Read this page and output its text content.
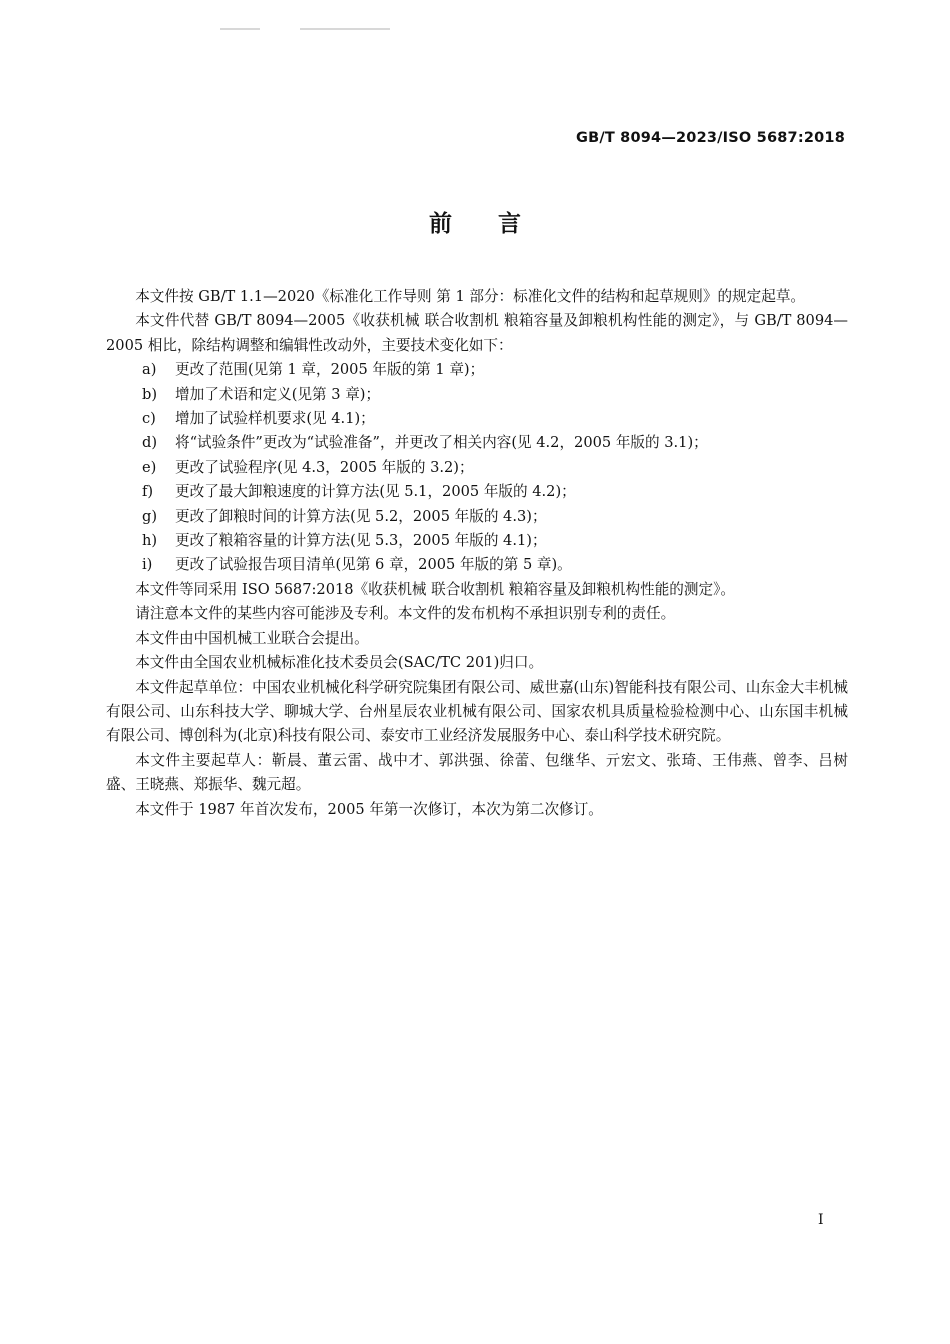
GB/T 8094—2023/ISO 5687:2018
前言

本文件按 GB/T 1.1—2020《标准化工作导则 第 1 部分：标准化文件的结构和起草规则》的规定起草。

本文件代替 GB/T 8094—2005《收获机械 联合收割机 粮箱容量及卸粮机构性能的测定》，与 GB/T 8094—2005 相比，除结构调整和编辑性改动外，主要技术变化如下：

a)	更改了范围(见第 1 章，2005 年版的第 1 章)；
b)	增加了术语和定义(见第 3 章)；
c)	增加了试验样机要求(见 4.1)；
d)	将“试验条件”更改为“试验准备”，并更改了相关内容(见 4.2，2005 年版的 3.1)；
e)	更改了试验程序(见 4.3，2005 年版的 3.2)；
f)	更改了最大卸粮速度的计算方法(见 5.1，2005 年版的 4.2)；
g)	更改了卸粮时间的计算方法(见 5.2，2005 年版的 4.3)；
h)	更改了粮箱容量的计算方法(见 5.3，2005 年版的 4.1)；
i)	更改了试验报告项目清单(见第 6 章，2005 年版的第 5 章)。

本文件等同采用 ISO 5687:2018《收获机械 联合收割机 粮箱容量及卸粮机构性能的测定》。

请注意本文件的某些内容可能涉及专利。本文件的发布机构不承担识别专利的责任。

本文件由中国机械工业联合会提出。

本文件由全国农业机械标准化技术委员会(SAC/TC 201)归口。

本文件起草单位：中国农业机械化科学研究院集团有限公司、威世嘉(山东)智能科技有限公司、山东金大丰机械有限公司、山东科技大学、聊城大学、台州星辰农业机械有限公司、国家农机具质量检验检测中心、山东国丰机械有限公司、博创科为(北京)科技有限公司、泰安市工业经济发展服务中心、泰山科学技术研究院。

本文件主要起草人：靳晨、董云雷、战中才、郭洪强、徐蕾、包继华、亓宏文、张琦、王伟燕、曾李、吕树盛、王晓燕、郑振华、魏元超。

本文件于 1987 年首次发布，2005 年第一次修订，本次为第二次修订。

I
